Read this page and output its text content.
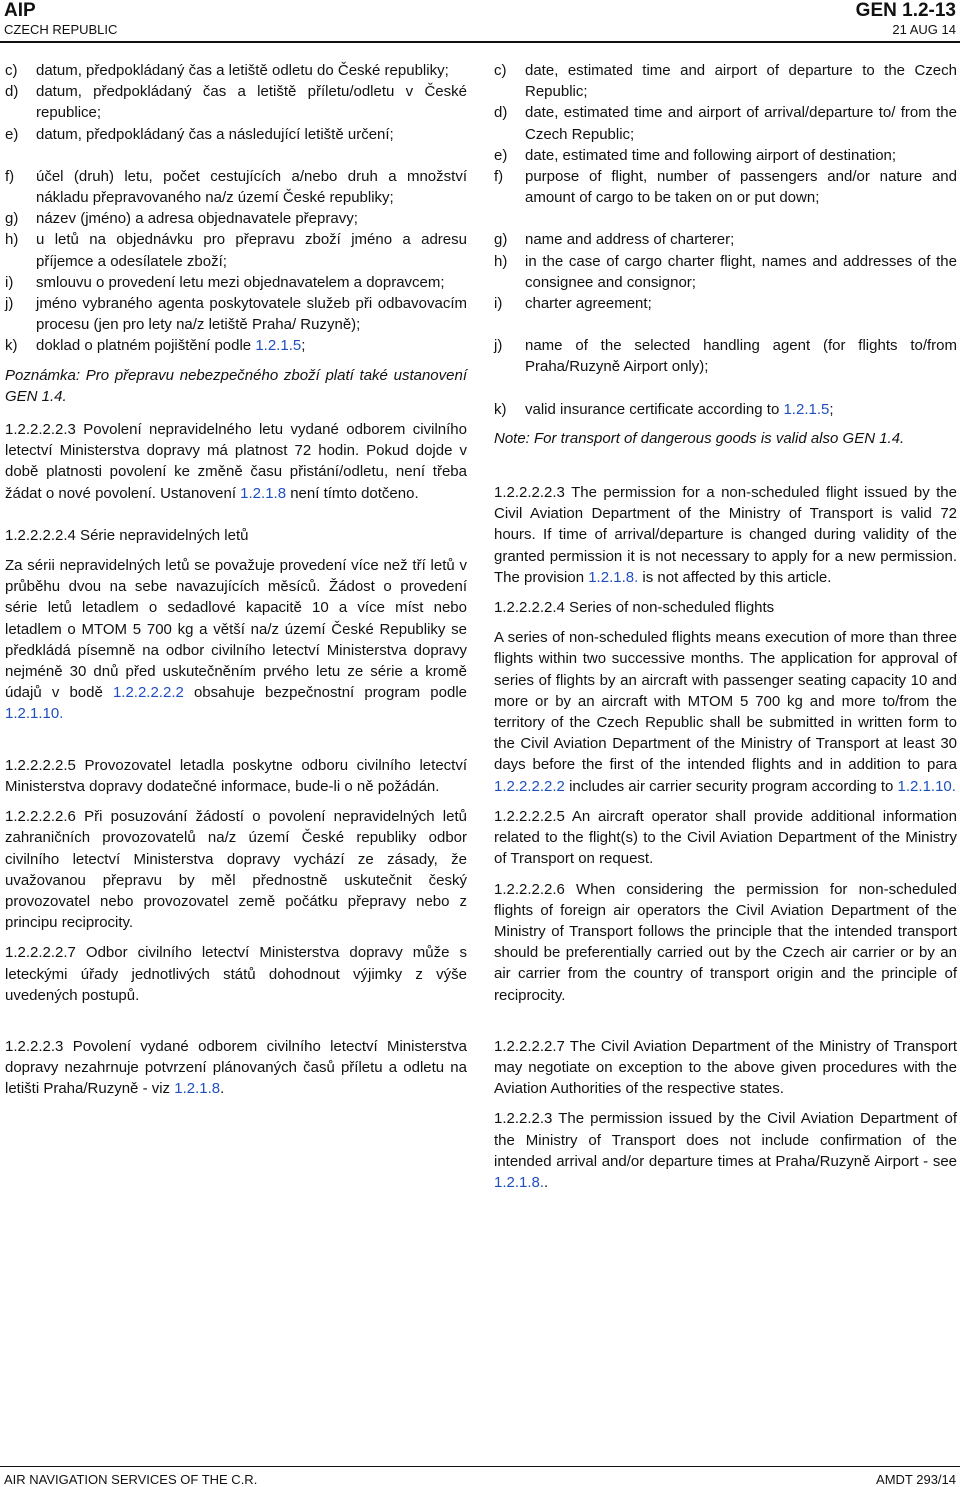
AIP
CZECH REPUBLIC
GEN 1.2-13
21 AUG 14
c) datum, předpokládaný čas a letiště odletu do České republiky;
d) datum, předpokládaný čas a letiště příletu/odletu v České republice;
e) datum, předpokládaný čas a následující letiště určení;
f) účel (druh) letu, počet cestujících a/nebo druh a množství nákladu přepravovaného na/z území České republiky;
g) název (jméno) a adresa objednavatele přepravy;
h) u letů na objednávku pro přepravu zboží jméno a adresu příjemce a odesílatele zboží;
i) smlouvu o provedení letu mezi objednavatelem a dopravcem;
j) jméno vybraného agenta poskytovatele služeb při odbavovacím procesu (jen pro lety na/z letiště Praha/ Ruzyně);
k) doklad o platném pojištění podle 1.2.1.5;
Poznámka: Pro přepravu nebezpečného zboží platí také ustanovení GEN 1.4.
1.2.2.2.2.3 Povolení nepravidelného letu vydané odborem civilního letectví Ministerstva dopravy má platnost 72 hodin. Pokud dojde v době platnosti povolení ke změně času přistání/odletu, není třeba žádat o nové povolení. Ustanovení 1.2.1.8 není tímto dotčeno.
1.2.2.2.2.4 Série nepravidelných letů
Za sérii nepravidelných letů se považuje provedení více než tří letů v průběhu dvou na sebe navazujících měsíců. Žádost o provedení série letů letadlem o sedadlové kapacitě 10 a více míst nebo letadlem o MTOM 5 700 kg a větší na/z území České Republiky se předkládá písemně na odbor civilního letectví Ministerstva dopravy nejméně 30 dnů před uskutečněním prvého letu ze série a kromě údajů v bodě 1.2.2.2.2.2 obsahuje bezpečnostní program podle 1.2.1.10.
1.2.2.2.2.5 Provozovatel letadla poskytne odboru civilního letectví Ministerstva dopravy dodatečné informace, bude-li o ně požádán.
1.2.2.2.2.6 Při posuzování žádostí o povolení nepravidelných letů zahraničních provozovatelů na/z území České republiky odbor civilního letectví Ministerstva dopravy vychází ze zásady, že uvažovanou přepravu by měl přednostně uskutečnit český provozovatel nebo provozovatel země počátku přepravy nebo z principu reciprocity.
1.2.2.2.2.7 Odbor civilního letectví Ministerstva dopravy může s leteckými úřady jednotlivých států dohodnout výjimky z výše uvedených postupů.
1.2.2.2.3 Povolení vydané odborem civilního letectví Ministerstva dopravy nezahrnuje potvrzení plánovaných časů příletu a odletu na letišti Praha/Ruzyně - viz 1.2.1.8.
c) date, estimated time and airport of departure to the Czech Republic;
d) date, estimated time and airport of arrival/departure to/ from the Czech Republic;
e) date, estimated time and following airport of destination;
f) purpose of flight, number of passengers and/or nature and amount of cargo to be taken on or put down;
g) name and address of charterer;
h) in the case of cargo charter flight, names and addresses of the consignee and consignor;
i) charter agreement;
j) name of the selected handling agent (for flights to/from Praha/Ruzyně Airport only);
k) valid insurance certificate according to 1.2.1.5;
Note: For transport of dangerous goods is valid also GEN 1.4.
1.2.2.2.2.3 The permission for a non-scheduled flight issued by the Civil Aviation Department of the Ministry of Transport is valid 72 hours. If time of arrival/departure is changed during validity of the granted permission it is not necessary to apply for a new permission. The provision 1.2.1.8. is not affected by this article.
1.2.2.2.2.4 Series of non-scheduled flights
A series of non-scheduled flights means execution of more than three flights within two successive months. The application for approval of series of flights by an aircraft with passenger seating capacity 10 and more or by an aircraft with MTOM 5 700 kg and more to/from the territory of the Czech Republic shall be submitted in written form to the Civil Aviation Department of the Ministry of Transport at least 30 days before the first of the intended flights and in addition to para 1.2.2.2.2.2 includes air carrier security program according to 1.2.1.10.
1.2.2.2.2.5 An aircraft operator shall provide additional information related to the flight(s) to the Civil Aviation Department of the Ministry of Transport on request.
1.2.2.2.2.6 When considering the permission for non-scheduled flights of foreign air operators the Civil Aviation Department of the Ministry of Transport follows the principle that the intended transport should be preferentially carried out by the Czech air carrier or by an air carrier from the country of transport origin and the principle of reciprocity.
1.2.2.2.2.7 The Civil Aviation Department of the Ministry of Transport may negotiate on exception to the above given procedures with the Aviation Authorities of the respective states.
1.2.2.2.3 The permission issued by the Civil Aviation Department of the Ministry of Transport does not include confirmation of the intended arrival and/or departure times at Praha/Ruzyně Airport - see 1.2.1.8..
AIR NAVIGATION SERVICES OF THE C.R.	AMDT 293/14
